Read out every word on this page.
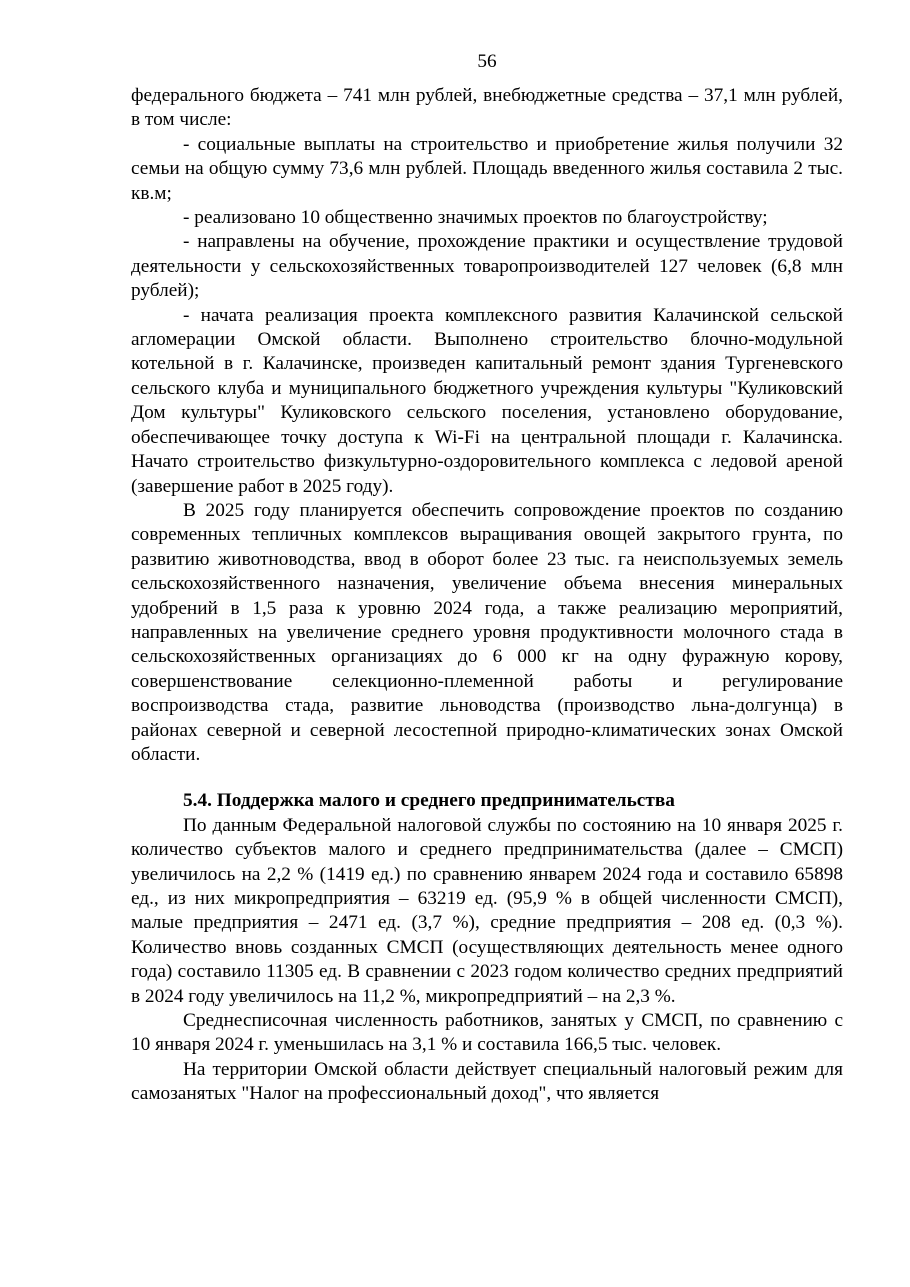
56

федерального бюджета – 741 млн рублей, внебюджетные средства – 37,1 млн рублей, в том числе:

- социальные выплаты на строительство и приобретение жилья получили 32 семьи на общую сумму 73,6 млн рублей. Площадь введенного жилья составила 2 тыс. кв.м;

- реализовано 10 общественно значимых проектов по благоустройству;

- направлены на обучение, прохождение практики и осуществление трудовой деятельности у сельскохозяйственных товаропроизводителей 127 человек (6,8 млн рублей);

- начата реализация проекта комплексного развития Калачинской сельской агломерации Омской области. Выполнено строительство блочно-модульной котельной в г. Калачинске, произведен капитальный ремонт здания Тургеневского сельского клуба и муниципального бюджетного учреждения культуры "Куликовский Дом культуры" Куликовского сельского поселения, установлено оборудование, обеспечивающее точку доступа к Wi-Fi на центральной площади г. Калачинска. Начато строительство физкультурно-оздоровительного комплекса с ледовой ареной (завершение работ в 2025 году).

В 2025 году планируется обеспечить сопровождение проектов по созданию современных тепличных комплексов выращивания овощей закрытого грунта, по развитию животноводства, ввод в оборот более 23 тыс. га неиспользуемых земель сельскохозяйственного назначения, увеличение объема внесения минеральных удобрений в 1,5 раза к уровню 2024 года, а также реализацию мероприятий, направленных на увеличение среднего уровня продуктивности молочного стада в сельскохозяйственных организациях до 6 000 кг на одну фуражную корову, совершенствование селекционно-племенной работы и регулирование воспроизводства стада, развитие льноводства (производство льна-долгунца) в районах северной и северной лесостепной природно-климатических зонах Омской области.

5.4. Поддержка малого и среднего предпринимательства

По данным Федеральной налоговой службы по состоянию на 10 января 2025 г. количество субъектов малого и среднего предпринимательства (далее – СМСП) увеличилось на 2,2 % (1419 ед.) по сравнению январем 2024 года и составило 65898 ед., из них микропредприятия – 63219 ед. (95,9 % в общей численности СМСП), малые предприятия – 2471 ед. (3,7 %), средние предприятия – 208 ед. (0,3 %). Количество вновь созданных СМСП (осуществляющих деятельность менее одного года) составило 11305 ед. В сравнении с 2023 годом количество средних предприятий в 2024 году увеличилось на 11,2 %, микропредприятий – на 2,3 %.

Среднесписочная численность работников, занятых у СМСП, по сравнению с 10 января 2024 г. уменьшилась на 3,1 % и составила 166,5 тыс. человек.

На территории Омской области действует специальный налоговый режим для самозанятых "Налог на профессиональный доход", что является
